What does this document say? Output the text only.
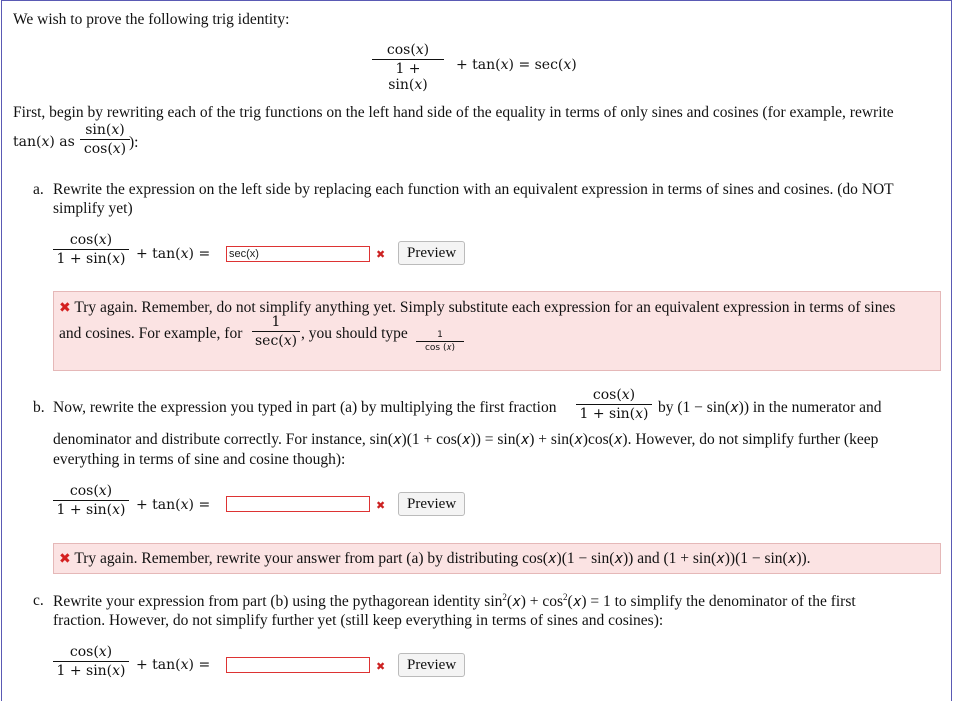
We wish to prove the following trig identity:
cos(𝑥)
1 + sin(𝑥)
+ tan(𝑥) = sec(𝑥)
First, begin by rewriting each of the trig functions on the left hand side of the equality in terms of only sines and cosines (for example, rewrite
tan(𝑥) as
sin(𝑥)
cos(𝑥) ):
a. Rewrite the expression on the left side by replacing each function with an equivalent expression in terms of sines and cosines. (do NOT
simplify yet)
cos(𝑥)
1 + sin(𝑥) + tan(𝑥) = sec(x)	✖	Preview
✖ Try again. Remember, do not simplify anything yet. Simply substitute each expression for an equivalent expression in terms of sines
and cosines. For example, for
1
sec(𝑥) , you should type	1
cos (𝑥)
b. Now, rewrite the expression you typed in part (a) by multiplying the first fraction
cos(𝑥)
1 + sin(𝑥) by (1 − sin(𝑥)) in the numerator and
denominator and distribute correctly. For instance, sin(𝑥)(1 + cos(𝑥)) = sin(𝑥) + sin(𝑥)cos(𝑥). However, do not simplify further (keep
everything in terms of sine and cosine though):
cos(𝑥)
1 + sin(𝑥) + tan(𝑥) =	✖	Preview
✖ Try again. Remember, rewrite your answer from part (a) by distributing cos(𝑥)(1 − sin(𝑥)) and (1 + sin(𝑥))(1 − sin(𝑥)).
c. Rewrite your expression from part (b) using the pythagorean identity $\sin^2(𝑥)$ + $\cos^2(𝑥) = 1$ to simplify the denominator of the first
fraction. However, do not simplify further yet (still keep everything in terms of sines and cosines):
cos(𝑥)
1 + sin(𝑥) + tan(𝑥) =	✖	Preview
